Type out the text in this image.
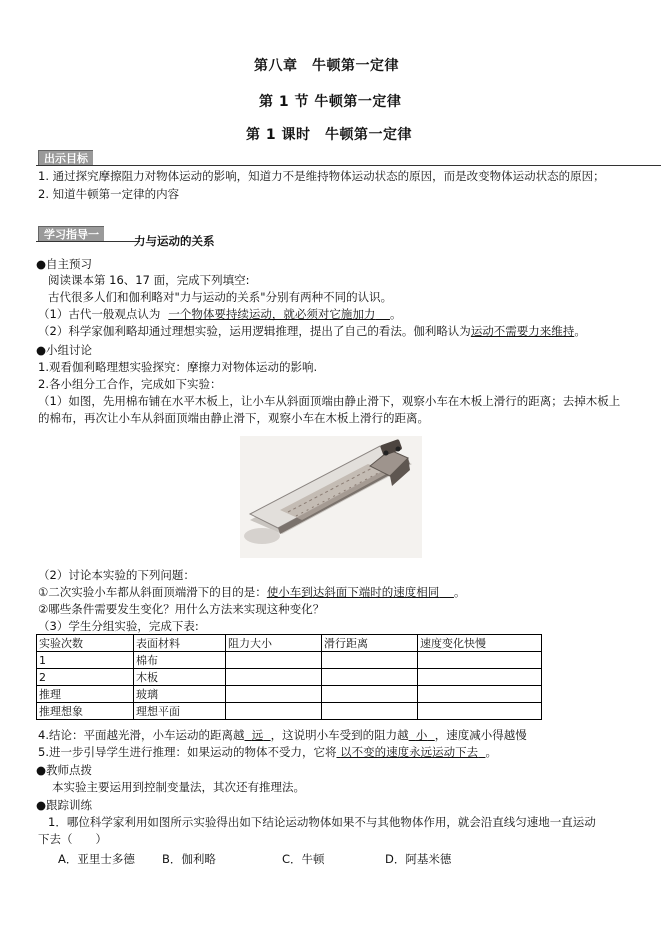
第八章　牛顿第一定律
第 1 节 牛顿第一定律
第 1 课时　牛顿第一定律
出示目标
1. 通过探究摩擦阻力对物体运动的影响，知道力不是维持物体运动状态的原因，而是改变物体运动状态的原因；
2. 知道牛顿第一定律的内容
学习指导一	力与运动的关系
●自主预习
阅读课本第 16、17 面，完成下列填空:
古代很多人们和伽利略对"力与运动的关系"分别有两种不同的认识。
（1）古代一般观点认为 一个物体要持续运动，就必须对它施加力 。
（2）科学家伽利略却通过理想实验，运用逻辑推理，提出了自己的看法。伽利略认为运动不需要力来维持。
●小组讨论
1.观看伽利略理想实验探究：摩擦力对物体运动的影响.
2.各小组分工合作，完成如下实验：
（1）如图，先用棉布铺在水平木板上，让小车从斜面顶端由静止滑下，观察小车在木板上滑行的距离；去掉木板上
的棉布，再次让小车从斜面顶端由静止滑下，观察小车在木板上滑行的距离。
（2）讨论本实验的下列问题：
①二次实验小车都从斜面顶端滑下的目的是：使小车到达斜面下端时的速度相同 。
②哪些条件需要发生变化？用什么方法来实现这种变化？
（3）学生分组实验，完成下表:
实验次数	表面材料	阻力大小	滑行距离	速度变化快慢
1	棉布			
2	木板			
推理	玻璃			
推理想象	理想平面			
4.结论：平面越光滑，小车运动的距离越 远 ，这说明小车受到的阻力越 小 ，速度减小得越慢
5.进一步引导学生进行推理：如果运动的物体不受力，它将 以不变的速度永远运动下去 。
●教师点拨
本实验主要运用到控制变量法，其次还有推理法。
●跟踪训练
1．哪位科学家利用如图所示实验得出如下结论运动物体如果不与其他物体作用，就会沿直线匀速地一直运动
下去（　　）
A．亚里士多德 B．伽利略	C．牛顿	D．阿基米德
